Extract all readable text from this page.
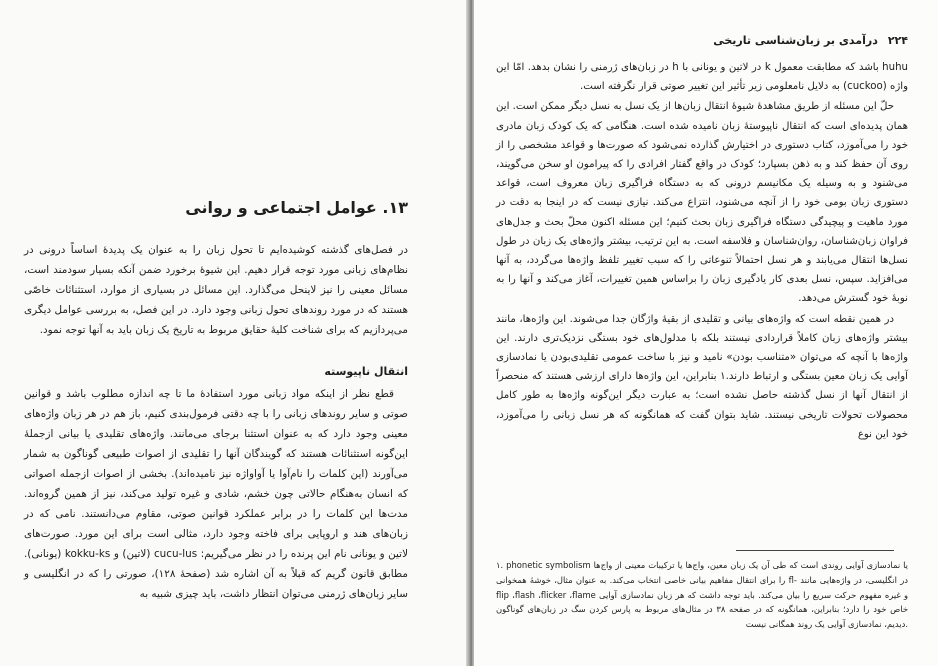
۱۳. عوامل اجتماعی و روانی

در فصل‌های گذشته کوشیده‌ایم تا تحول زبان را به عنوان یک پدیدهٔ اساساً درونی در نظام‌های زبانی مورد توجه قرار دهیم. این شیوهٔ برخورد ضمن آنکه بسیار سودمند است، مسائل معینی را نیز لاینحل می‌گذارد. این مسائل در بسیاری از موارد، استثنائات خاصّی هستند که در مورد روندهای تحول زبانی وجود دارد. در این فصل، به بررسی عوامل دیگری می‌پردازیم که برای شناخت کلیهٔ حقایق مربوط به تاریخ یک زبان باید به آنها توجه نمود.

انتقال ناپیوسته

قطع نظر از اینکه مواد زبانی مورد استفادهٔ ما تا چه اندازه مطلوب باشد و قوانین صوتی و سایر روندهای زبانی را با چه دقتی فرمول‌بندی کنیم، باز هم در هر زبان واژه‌های معینی وجود دارد که به عنوان استثنا برجای می‌مانند. واژه‌های تقلیدی یا بیانی ازجملهٔ این‌گونه استثنائات هستند که گویندگان آنها را تقلیدی از اصوات طبیعی گوناگون به شمار می‌آورند (این کلمات را نام‌آوا یا آواواژه نیز نامیده‌اند). بخشی از اصوات ازجمله اصواتی که انسان به‌هنگام حالاتی چون خشم، شادی و غیره تولید می‌کند، نیز از همین گروه‌اند. مدت‌ها این کلمات را در برابر عملکرد قوانین صوتی، مقاوم می‌دانستند. نامی که در زبان‌های هند و اروپایی برای فاخته وجود دارد، مثالی است برای این مورد. صورت‌های لاتین و یونانی نام این پرنده را در نظر می‌گیریم: cucu-lus (لاتین) و kokku-ks (یونانی). مطابق قانون گریم که قبلاً به آن اشاره شد (صفحهٔ ۱۲۸)، صورتی را که در انگلیسی و سایر زبان‌های ژرمنی می‌توان انتظار داشت، باید چیزی شبیه به

۲۲۴
درآمدی بر زبان‌شناسی تاریخی

huhu باشد که مطابقت معمول k در لاتین و یونانی با h در زبان‌های ژرمنی را نشان بدهد. امّا این واژه (cuckoo) به دلایل نامعلومی زیر تأثیر این تغییر صوتی قرار نگرفته است.

حلّ این مسئله از طریق مشاهدهٔ شیوهٔ انتقال زبان‌ها از یک نسل به نسل دیگر ممکن است. این همان پدیده‌ای است که انتقال ناپیوستهٔ زبان نامیده شده است. هنگامی که یک کودک زبان مادری خود را می‌آموزد، کتاب دستوری در اختیارش گذارده نمی‌شود که صورت‌ها و قواعد مشخصی را از روی آن حفظ کند و به ذهن بسپارد؛ کودک در واقع گفتار افرادی را که پیرامون او سخن می‌گویند، می‌شنود و به وسیله یک مکانیسم درونی که به دستگاه فراگیری زبان معروف است، قواعد دستوری زبان بومی خود را از آنچه می‌شنود، انتزاع می‌کند. نیازی نیست که در اینجا به دقت در مورد ماهیت و پیچیدگی دستگاه فراگیری زبان بحث کنیم؛ این مسئله اکنون محلّ بحث و جدل‌های فراوان زبان‌شناسان، روان‌شناسان و فلاسفه است. به این ترتیب، بیشتر واژه‌های یک زبان در طول نسل‌ها انتقال می‌یابند و هر نسل احتمالاً تنوعاتی را که سبب تغییر تلفظ واژه‌ها می‌گردد، به آنها می‌افزاید. سپس، نسل بعدی کار یادگیری زبان را براساس همین تغییرات، آغاز می‌کند و آنها را به نوبهٔ خود گسترش می‌دهد.

در همین نقطه است که واژه‌های بیانی و تقلیدی از بقیهٔ واژگان جدا می‌شوند. این واژه‌ها، مانند بیشتر واژه‌های زبان کاملاً قراردادی نیستند بلکه با مدلول‌های خود بستگی نزدیک‌تری دارند. این واژه‌ها با آنچه که می‌توان «متناسب بودن» نامید و نیز با ساخت عمومی تقلیدی‌بودن یا نمادسازی آوایی یک زبان معین بستگی و ارتباط دارند.۱ بنابراین، این واژه‌ها دارای ارزشی هستند که منحصراً از انتقال آنها از نسل گذشته حاصل نشده است؛ به عبارت دیگر این‌گونه واژه‌ها به طور کامل محصولات تحولات تاریخی نیستند. شاید بتوان گفت که همانگونه که هر نسل زبانی را می‌آموزد، خود این نوع

۱. phonetic symbolism یا نمادسازی آوایی روندی است که طی آن یک زبان معین، واج‌ها یا ترکیبات معینی از واج‌ها را برای انتقال مفاهیم بیانی خاصی انتخاب می‌کند. به عنوان مثال، خوشهٔ همخوانی fl- در انگلیسی، در واژه‌هایی مانند flip ،flash ،flicker ،flame و غیره مفهوم حرکت سریع را بیان می‌کند. باید توجه داشت که هر زبان نمادسازی آوایی خاص خود را دارد؛ بنابراین، همانگونه که در صفحه ۳۸ در مثال‌های مربوط به پارس کردن سگ در زبان‌های گوناگون دیدیم، نمادسازی آوایی یک روند همگانی نیست.
